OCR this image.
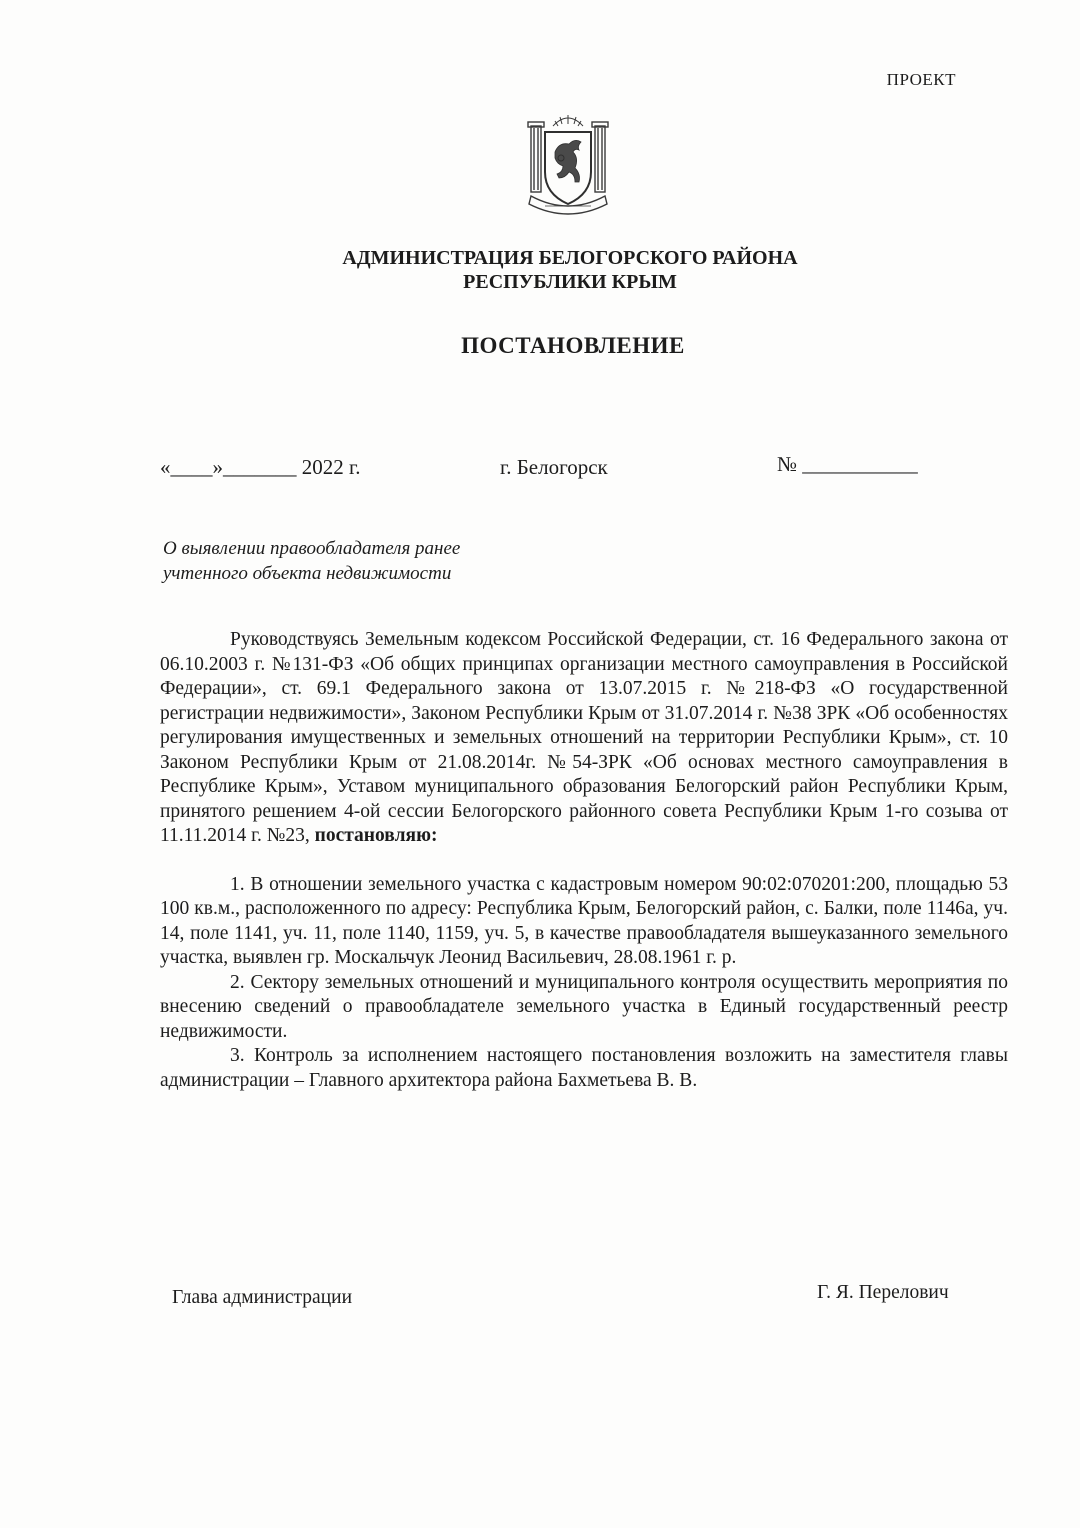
ПРОЕКТ
АДМИНИСТРАЦИЯ БЕЛОГОРСКОГО РАЙОНА
РЕСПУБЛИКИ КРЫМ
ПОСТАНОВЛЕНИЕ
«____»_______ 2022 г.	г. Белогорск	№ ___________
О выявлении правообладателя ранее
учтенного объекта недвижимости

Руководствуясь Земельным кодексом Российской Федерации, ст. 16 Федерального закона от 06.10.2003 г. №131-ФЗ «Об общих принципах организации местного самоуправления в Российской Федерации», ст. 69.1 Федерального закона от 13.07.2015 г. №218-ФЗ «О государственной регистрации недвижимости», Законом Республики Крым от 31.07.2014 г. №38 ЗРК «Об особенностях регулирования имущественных и земельных отношений на территории Республики Крым», ст. 10 Законом Республики Крым от 21.08.2014г. №54-ЗРК «Об основах местного самоуправления в Республике Крым», Уставом муниципального образования Белогорский район Республики Крым, принятого решением 4-ой сессии Белогорского районного совета Республики Крым 1-го созыва от 11.11.2014 г. №23, постановляю:

1. В отношении земельного участка с кадастровым номером 90:02:070201:200, площадью 53 100 кв.м., расположенного по адресу: Республика Крым, Белогорский район, с. Балки, поле 1146а, уч. 14, поле 1141, уч. 11, поле 1140, 1159, уч. 5, в качестве правообладателя вышеуказанного земельного участка, выявлен гр. Москальчук Леонид Васильевич, 28.08.1961 г. р.

2. Сектору земельных отношений и муниципального контроля осуществить мероприятия по внесению сведений о правообладателе земельного участка в Единый государственный реестр недвижимости.

3. Контроль за исполнением настоящего постановления возложить на заместителя главы администрации – Главного архитектора района Бахметьева В. В.

Глава администрации	Г. Я. Перелович
